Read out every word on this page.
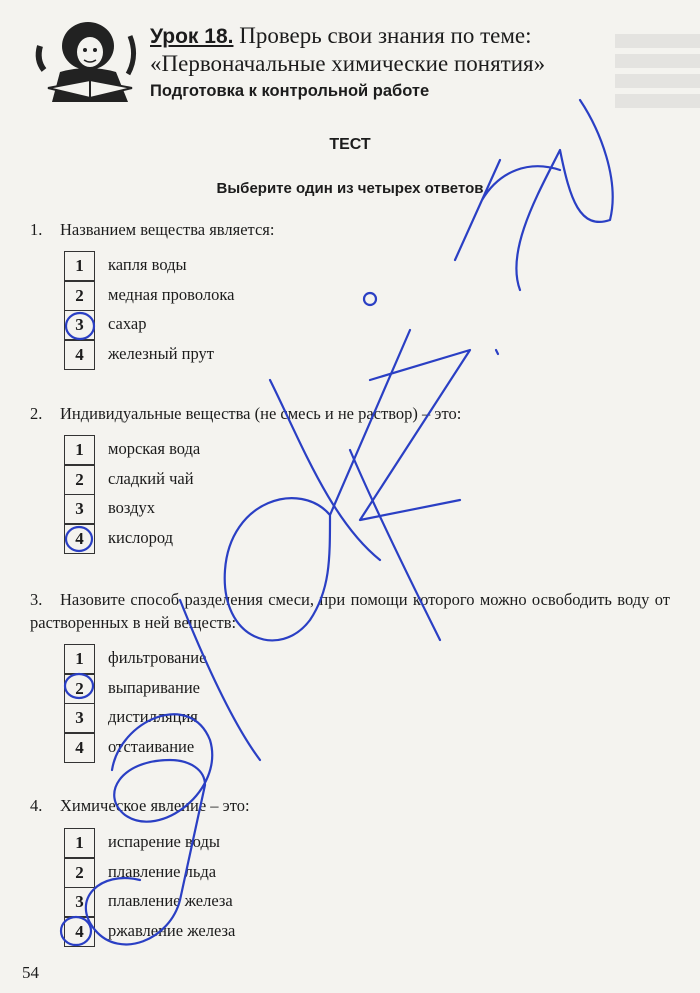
Урок 18. Проверь свои знания по теме:
«Первоначальные химические понятия»
Подготовка к контрольной работе
ТЕСТ
Выберите один из четырех ответов
1. Названием вещества является:
1	капля воды
2	медная проволока
3	сахар
4	железный прут
2. Индивидуальные вещества (не смесь и не раствор) – это:
1	морская вода
2	сладкий чай
3	воздух
4	кислород
3.	Назовите способ разделения смеси, при помощи которого можно освободить воду от растворенных в ней веществ:
1	фильтрование
2	выпаривание
3	дистилляция
4	отстаивание
4. Химическое явление – это:
1	испарение воды
2	плавление льда
3	плавление железа
4	ржавление железа
54
